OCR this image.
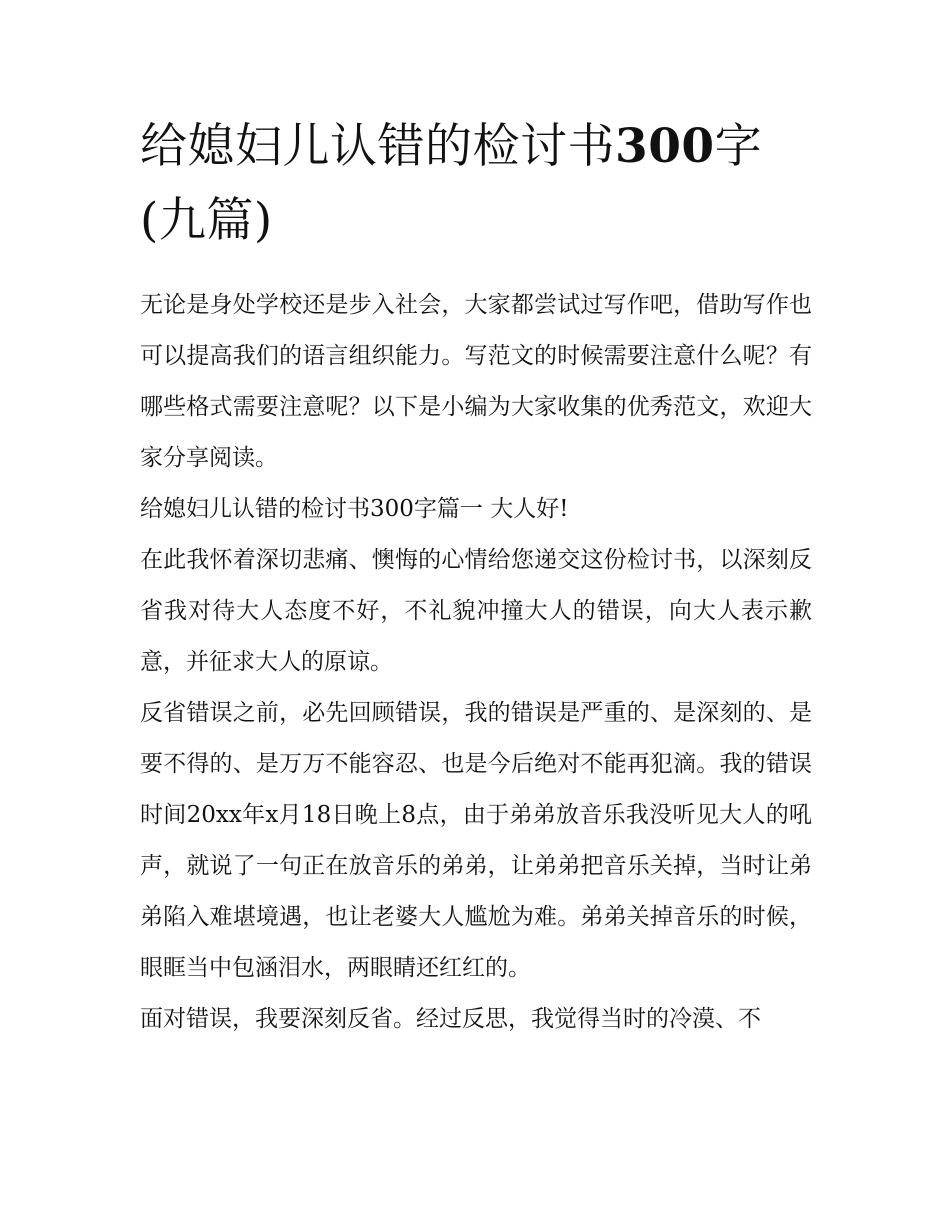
给媳妇儿认错的检讨书300字(九篇)

无论是身处学校还是步入社会，大家都尝试过写作吧，借助写作也可以提高我们的语言组织能力。写范文的时候需要注意什么呢？有哪些格式需要注意呢？以下是小编为大家收集的优秀范文，欢迎大家分享阅读。

给媳妇儿认错的检讨书300字篇一 大人好!

在此我怀着深切悲痛、懊悔的心情给您递交这份检讨书，以深刻反省我对待大人态度不好，不礼貌冲撞大人的错误，向大人表示歉意，并征求大人的原谅。

反省错误之前，必先回顾错误，我的错误是严重的、是深刻的、是要不得的、是万万不能容忍、也是今后绝对不能再犯滴。我的错误时间20xx年x月18日晚上8点，由于弟弟放音乐我没听见大人的吼声，就说了一句正在放音乐的弟弟，让弟弟把音乐关掉，当时让弟弟陷入难堪境遇，也让老婆大人尴尬为难。弟弟关掉音乐的时候，眼眶当中包涵泪水，两眼睛还红红的。

面对错误，我要深刻反省。经过反思，我觉得当时的冷漠、不
